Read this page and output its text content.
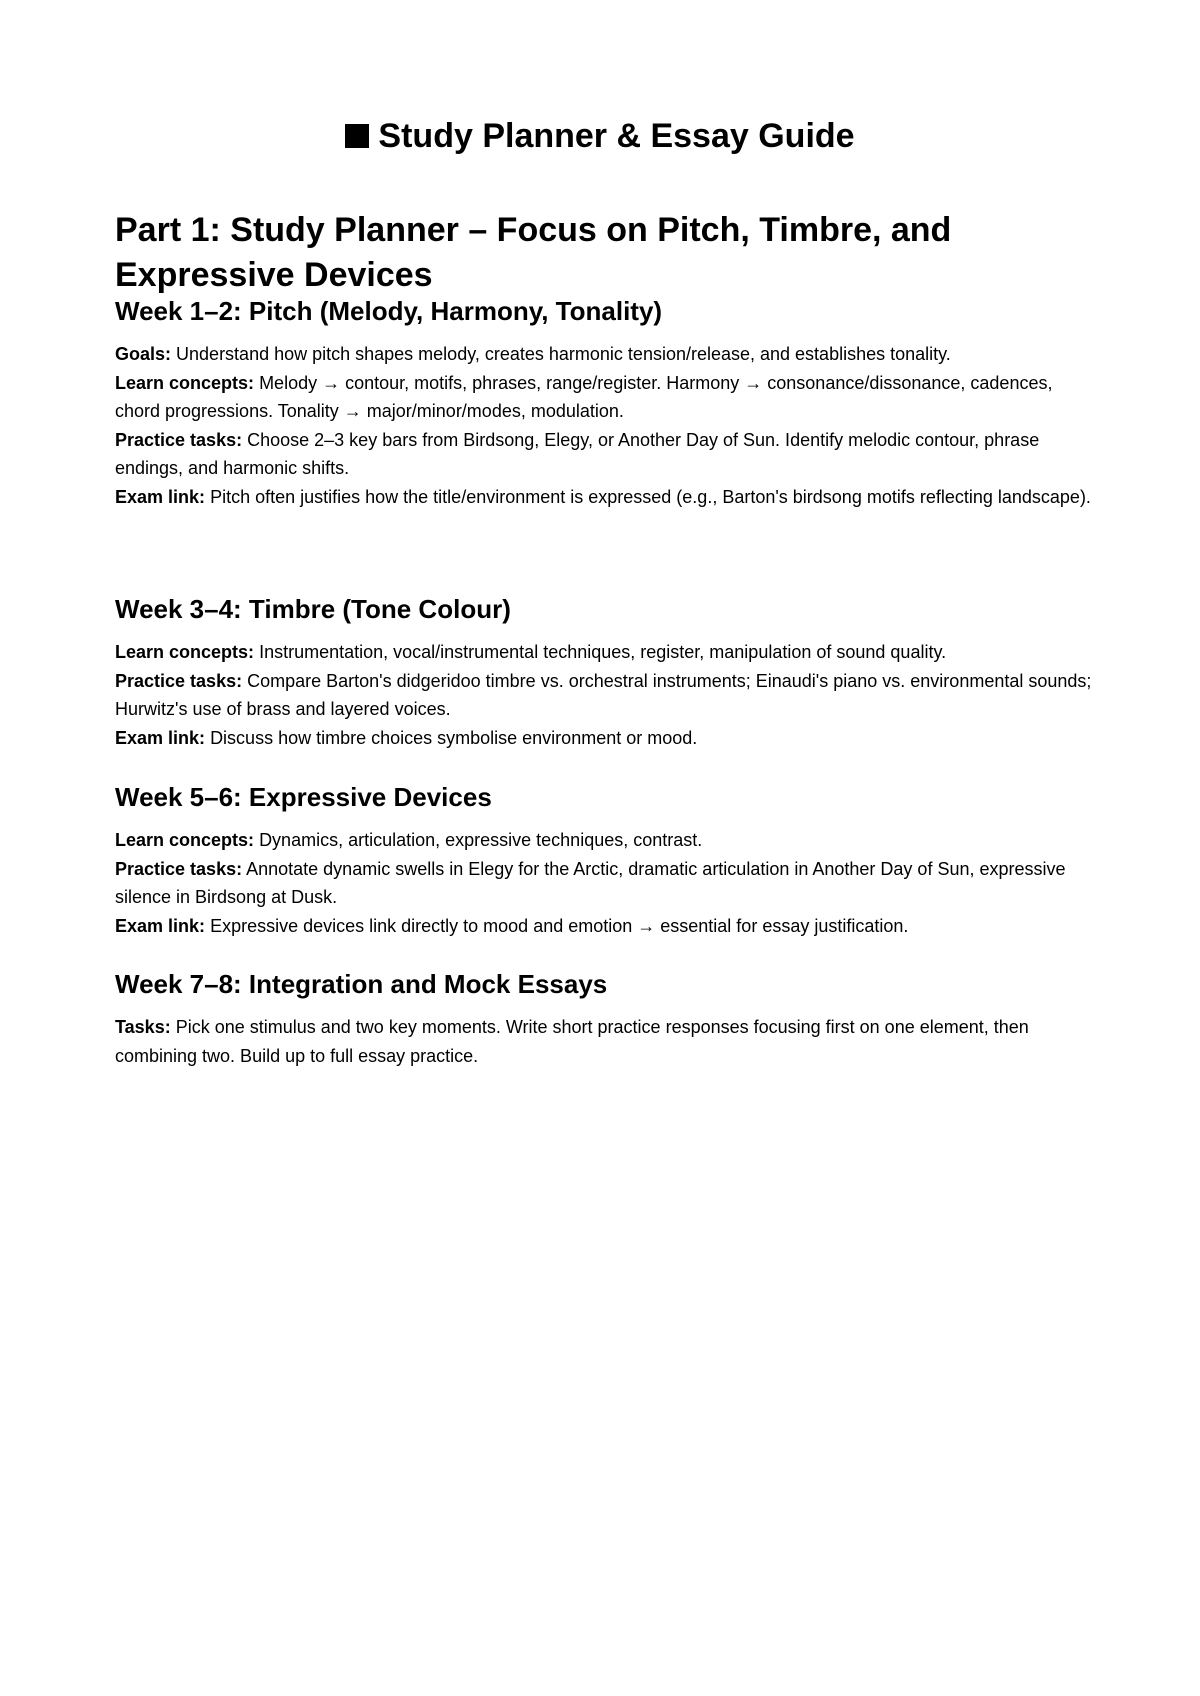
Study Planner & Essay Guide
Part 1: Study Planner – Focus on Pitch, Timbre, and Expressive Devices
Week 1–2: Pitch (Melody, Harmony, Tonality)

Goals: Understand how pitch shapes melody, creates harmonic tension/release, and establishes tonality.

Learn concepts: Melody → contour, motifs, phrases, range/register. Harmony → consonance/dissonance, cadences, chord progressions. Tonality → major/minor/modes, modulation.

Practice tasks: Choose 2–3 key bars from Birdsong, Elegy, or Another Day of Sun. Identify melodic contour, phrase endings, and harmonic shifts.

Exam link: Pitch often justifies how the title/environment is expressed (e.g., Barton's birdsong motifs reflecting landscape).

Week 3–4: Timbre (Tone Colour)

Learn concepts: Instrumentation, vocal/instrumental techniques, register, manipulation of sound quality.

Practice tasks: Compare Barton's didgeridoo timbre vs. orchestral instruments; Einaudi's piano vs. environmental sounds; Hurwitz's use of brass and layered voices.

Exam link: Discuss how timbre choices symbolise environment or mood.

Week 5–6: Expressive Devices

Learn concepts: Dynamics, articulation, expressive techniques, contrast.

Practice tasks: Annotate dynamic swells in Elegy for the Arctic, dramatic articulation in Another Day of Sun, expressive silence in Birdsong at Dusk.

Exam link: Expressive devices link directly to mood and emotion → essential for essay justification.

Week 7–8: Integration and Mock Essays

Tasks: Pick one stimulus and two key moments. Write short practice responses focusing first on one element, then combining two. Build up to full essay practice.
